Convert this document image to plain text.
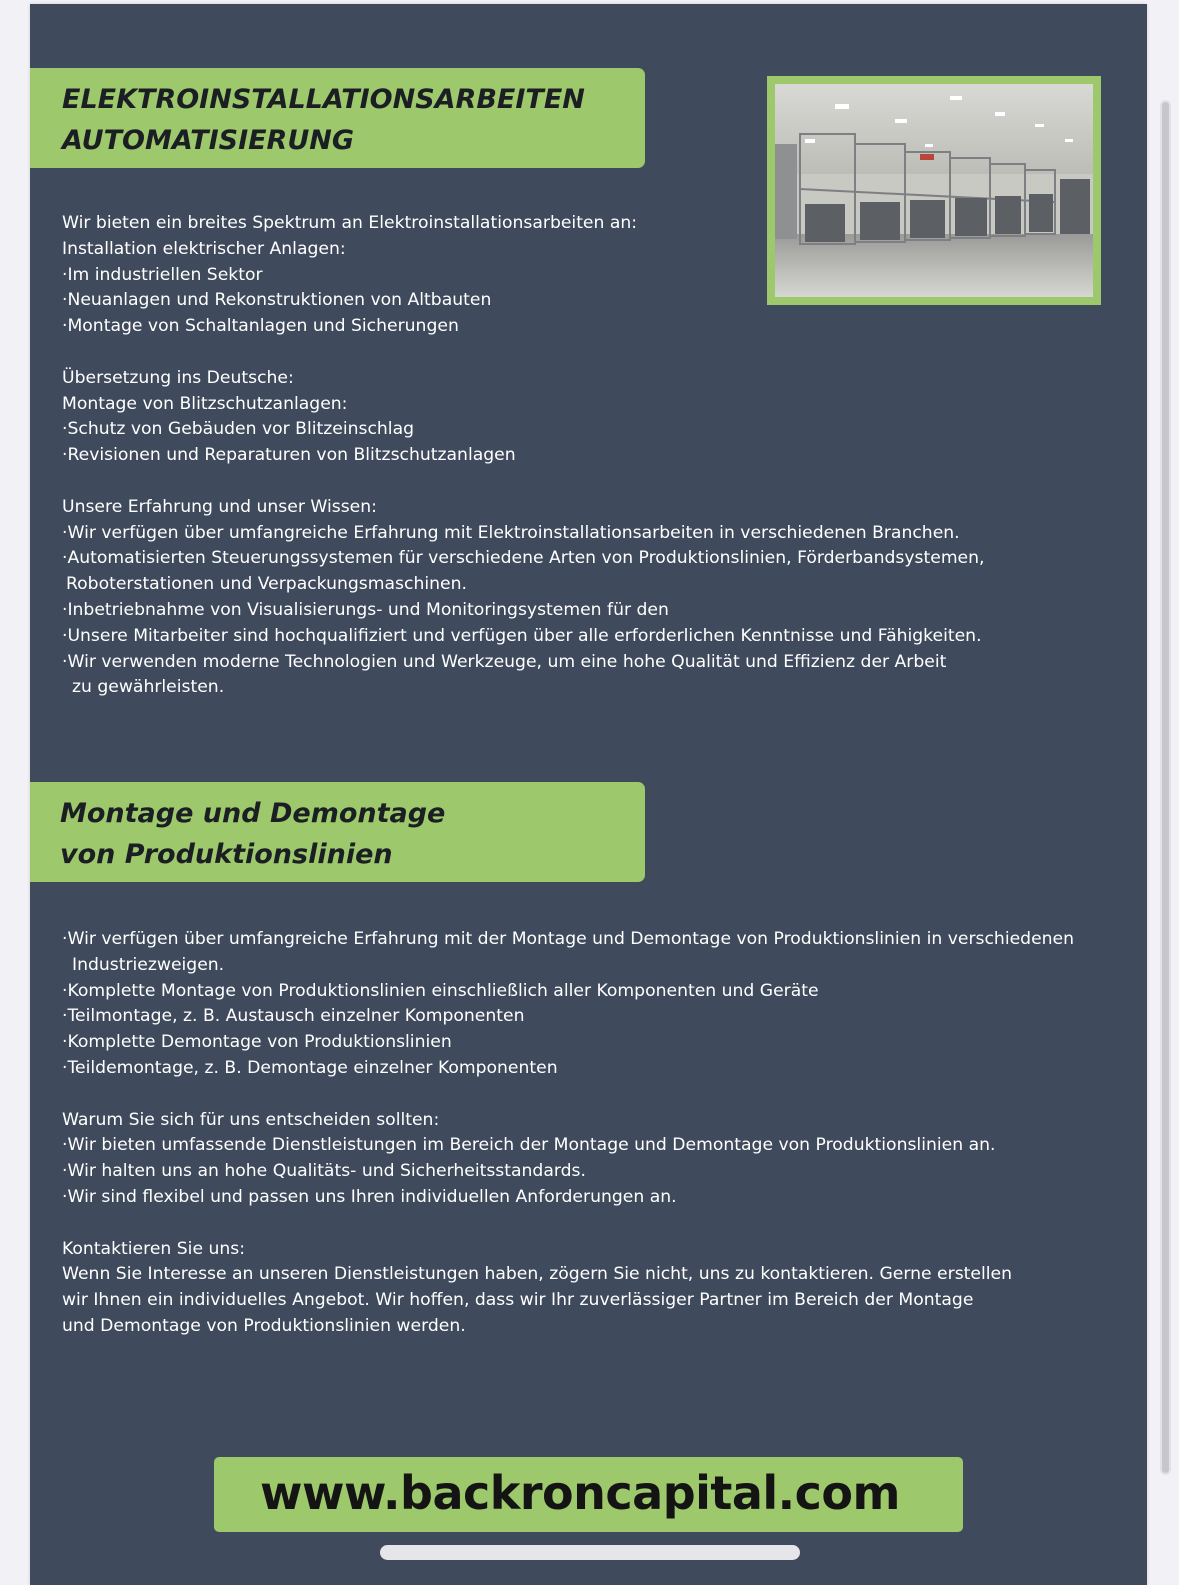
ELEKTROINSTALLATIONSARBEITEN
AUTOMATISIERUNG
Wir bieten ein breites Spektrum an Elektroinstallationsarbeiten an:
Installation elektrischer Anlagen:
·Im industriellen Sektor
·Neuanlagen und Rekonstruktionen von Altbauten
·Montage von Schaltanlagen und Sicherungen
Übersetzung ins Deutsche:
Montage von Blitzschutzanlagen:
·Schutz von Gebäuden vor Blitzeinschlag
·Revisionen und Reparaturen von Blitzschutzanlagen
Unsere Erfahrung und unser Wissen:
·Wir verfügen über umfangreiche Erfahrung mit Elektroinstallationsarbeiten in verschiedenen Branchen.
·Automatisierten Steuerungssystemen für verschiedene Arten von Produktionslinien, Förderbandsystemen,
Roboterstationen und Verpackungsmaschinen.
·Inbetriebnahme von Visualisierungs- und Monitoringsystemen für den
·Unsere Mitarbeiter sind hochqualifiziert und verfügen über alle erforderlichen Kenntnisse und Fähigkeiten.
·Wir verwenden moderne Technologien und Werkzeuge, um eine hohe Qualität und Effizienz der Arbeit
zu gewährleisten.
Montage und Demontage
von Produktionslinien
·Wir verfügen über umfangreiche Erfahrung mit der Montage und Demontage von Produktionslinien in verschiedenen
Industriezweigen.
·Komplette Montage von Produktionslinien einschließlich aller Komponenten und Geräte
·Teilmontage, z. B. Austausch einzelner Komponenten
·Komplette Demontage von Produktionslinien
·Teildemontage, z. B. Demontage einzelner Komponenten
Warum Sie sich für uns entscheiden sollten:
·Wir bieten umfassende Dienstleistungen im Bereich der Montage und Demontage von Produktionslinien an.
·Wir halten uns an hohe Qualitäts- und Sicherheitsstandards.
·Wir sind flexibel und passen uns Ihren individuellen Anforderungen an.
Kontaktieren Sie uns:
Wenn Sie Interesse an unseren Dienstleistungen haben, zögern Sie nicht, uns zu kontaktieren. Gerne erstellen
wir Ihnen ein individuelles Angebot. Wir hoffen, dass wir Ihr zuverlässiger Partner im Bereich der Montage
und Demontage von Produktionslinien werden.
www.backroncapital.com
